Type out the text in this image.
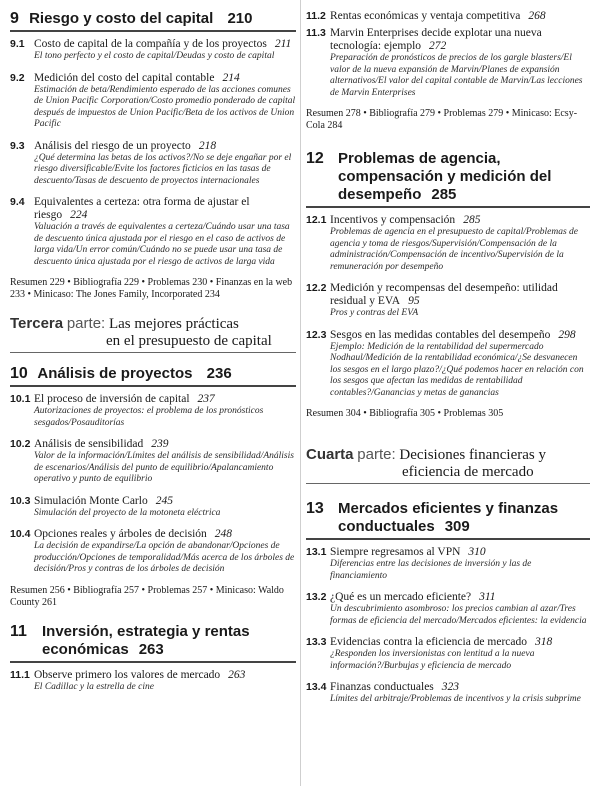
9 Riesgo y costo del capital 210
9.1 Costo de capital de la compañía y de los proyectos 211
El tono perfecto y el costo de capital/Deudas y costo de capital
9.2 Medición del costo del capital contable 214
Estimación de beta/Rendimiento esperado de las acciones comunes de Union Pacific Corporation/Costo promedio ponderado de capital después de impuestos de Union Pacific/Beta de los activos de Union Pacific
9.3 Análisis del riesgo de un proyecto 218
¿Qué determina las betas de los activos?/No se deje engañar por el riesgo diversificable/Evite los factores ficticios en las tasas de descuento/Tasas de descuento de proyectos internacionales
9.4 Equivalentes a certeza: otra forma de ajustar el riesgo 224
Valuación a través de equivalentes a certeza/Cuándo usar una tasa de descuento única ajustada por el riesgo en el caso de activos de larga vida/Un error común/Cuándo no se puede usar una tasa de descuento única ajustada por el riesgo de activos de larga vida
Resumen 229 • Bibliografía 229 • Problemas 230 • Finanzas en la web 233 • Minicaso: The Jones Family, Incorporated 234
Tercera parte: Las mejores prácticas
en el presupuesto de capital
10 Análisis de proyectos 236
10.1 El proceso de inversión de capital 237
Autorizaciones de proyectos: el problema de los pronósticos sesgados/Posauditorías
10.2 Análisis de sensibilidad 239
Valor de la información/Límites del análisis de sensibilidad/Análisis de escenarios/Análisis del punto de equilibrio/Apalancamiento operativo y punto de equilibrio
10.3 Simulación Monte Carlo 245
Simulación del proyecto de la motoneta eléctrica
10.4 Opciones reales y árboles de decisión 248
La decisión de expandirse/La opción de abandonar/Opciones de producción/Opciones de temporalidad/Más acerca de los árboles de decisión/Pros y contras de los árboles de decisión
Resumen 256 • Bibliografía 257 • Problemas 257 • Minicaso: Waldo County 261
11	Inversión, estrategia y rentas económicas 263
11.1 Observe primero los valores de mercado 263
El Cadillac y la estrella de cine
11.2 Rentas económicas y ventaja competitiva 268
11.3 Marvin Enterprises decide explotar una nueva tecnología: ejemplo 272
Preparación de pronósticos de precios de los gargle blasters/El valor de la nueva expansión de Marvin/Planes de expansión alternativos/El valor del capital contable de Marvin/Las lecciones de Marvin Enterprises
Resumen 278 • Bibliografía 279 • Problemas 279 • Minicaso: Ecsy-Cola 284
12 Problemas de agencia, compensación y medición del desempeño 285
12.1 Incentivos y compensación 285
Problemas de agencia en el presupuesto de capital/Problemas de agencia y toma de riesgos/Supervisión/Compensación de la administración/Compensación de incentivo/Supervisión de la remuneración por desempeño
12.2 Medición y recompensas del desempeño: utilidad residual y EVA 95
Pros y contras del EVA
12.3 Sesgos en las medidas contables del desempeño 298
Ejemplo: Medición de la rentabilidad del supermercado Nodhaul/Medición de la rentabilidad económica/¿Se desvanecen los sesgos en el largo plazo?/¿Qué podemos hacer en relación con los sesgos que afectan las medidas de rentabilidad contables?/Ganancias y metas de ganancias
Resumen 304 • Bibliografía 305 • Problemas 305
Cuarta parte: Decisiones financieras y
eficiencia de mercado
13 Mercados eficientes y finanzas conductuales 309
13.1 Siempre regresamos al VPN 310
Diferencias entre las decisiones de inversión y las de financiamiento
13.2 ¿Qué es un mercado eficiente? 311
Un descubrimiento asombroso: los precios cambian al azar/Tres formas de eficiencia del mercado/Mercados eficientes: la evidencia
13.3 Evidencias contra la eficiencia de mercado 318
¿Responden los inversionistas con lentitud a la nueva información?/Burbujas y eficiencia de mercado
13.4 Finanzas conductuales 323
Límites del arbitraje/Problemas de incentivos y la crisis subprime
